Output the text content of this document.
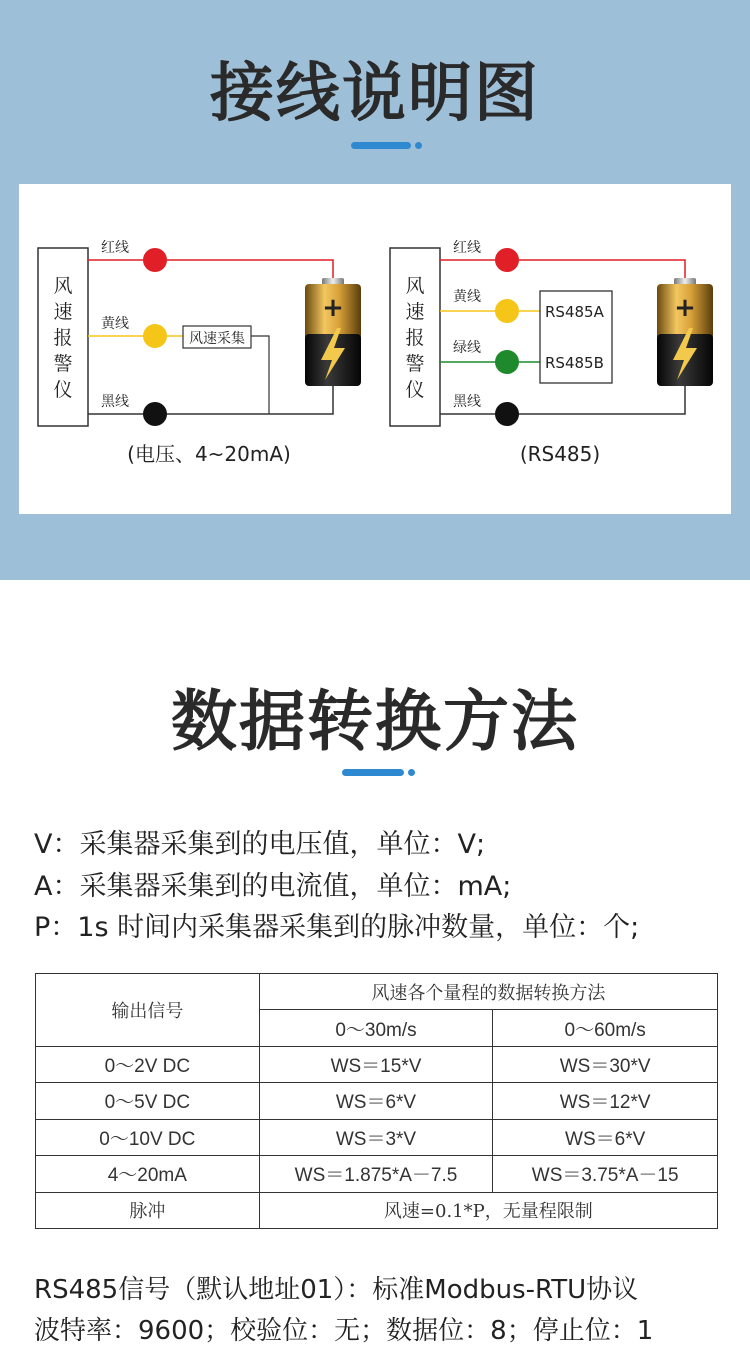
接线说明图
风
速
报
警
仪
红线
黄线
黑线
风速采集
+
(电压、4~20mA)
风
速
报
警
仪
红线
黄线
绿线
黑线
RS485A
RS485B
+
(RS485)
数据转换方法
V：采集器采集到的电压值，单位：V;
A：采集器采集到的电流值，单位：mA;
P：1s 时间内采集器采集到的脉冲数量，单位：个;
输出信号	风速各个量程的数据转换方法	
	0～30m/s	0～60m/s
0～2V DC	WS＝15*V	WS＝30*V
0～5V DC	WS＝6*V	WS＝12*V
0～10V DC	WS＝3*V	WS＝6*V
4～20mA	WS＝1.875*A－7.5	WS＝3.75*A－15
脉冲	风速=0.1*P，无量程限制	
RS485信号（默认地址01）：标准Modbus-RTU协议
波特率：9600；校验位：无；数据位：8；停止位：1
